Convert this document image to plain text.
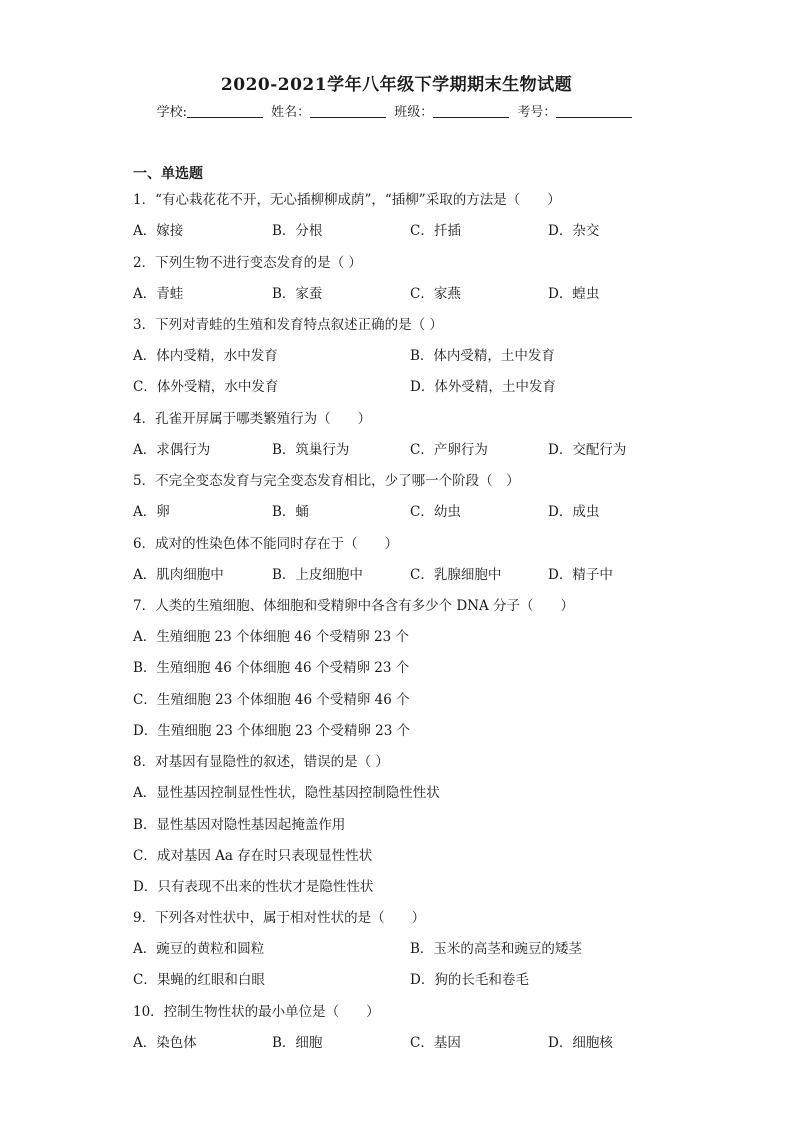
2020-2021学年八年级下学期期末生物试题
学校:	姓名：	班级：	考号：
一、单选题
1．“有心栽花花不开，无心插柳柳成荫”，“插柳”采取的方法是（　　）
A．嫁接	B．分根	C．扦插	D．杂交
2．下列生物不进行变态发育的是（ ）
A．青蛙	B．家蚕	C．家燕	D．蝗虫
3．下列对青蛙的生殖和发育特点叙述正确的是（ ）
A．体内受精，水中发育	B．体内受精，土中发育
C．体外受精，水中发育	D．体外受精，土中发育
4．孔雀开屏属于哪类繁殖行为（　　）
A．求偶行为	B．筑巢行为	C．产卵行为	D．交配行为
5．不完全变态发育与完全变态发育相比，少了哪一个阶段（　）
A．卵	B．蛹	C．幼虫	D．成虫
6．成对的性染色体不能同时存在于（　　）
A．肌肉细胞中	B．上皮细胞中	C．乳腺细胞中	D．精子中
7．人类的生殖细胞、体细胞和受精卵中各含有多少个 DNA 分子（　　）
A．生殖细胞 23 个体细胞 46 个受精卵 23 个
B．生殖细胞 46 个体细胞 46 个受精卵 23 个
C．生殖细胞 23 个体细胞 46 个受精卵 46 个
D．生殖细胞 23 个体细胞 23 个受精卵 23 个
8．对基因有显隐性的叙述，错误的是（ ）
A．显性基因控制显性性状，隐性基因控制隐性性状
B．显性基因对隐性基因起掩盖作用
C．成对基因 Aa 存在时只表现显性性状
D．只有表现不出来的性状才是隐性性状
9．下列各对性状中，属于相对性状的是（　　）
A．豌豆的黄粒和圆粒	B．玉米的高茎和豌豆的矮茎
C．果蝇的红眼和白眼	D．狗的长毛和卷毛
10．控制生物性状的最小单位是（　　）
A．染色体	B．细胞	C．基因	D．细胞核
